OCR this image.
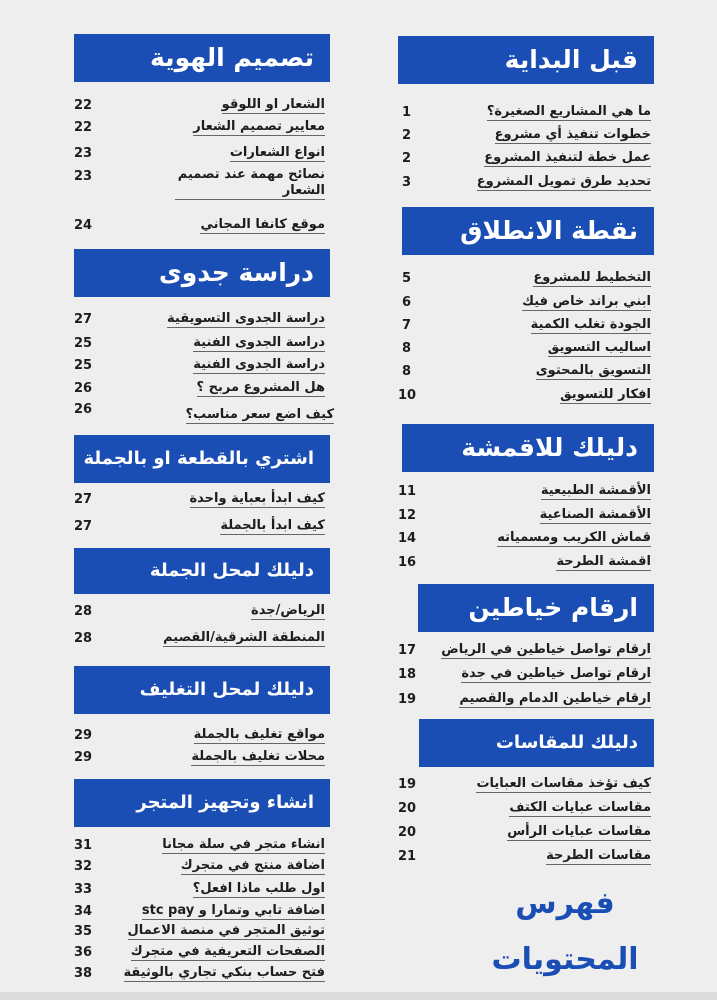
قبل البداية
ما هي المشاريع الصغيرة؟
1
خطوات تنفيذ أي مشروع
2
عمل خطة لتنفيذ المشروع
2
تحديد طرق تمويل المشروع
3
نقطة الانطلاق
التخطيط للمشروع
5
ابني براند خاص فيك
6
الجودة تغلب الكمية
7
اساليب التسويق
8
التسويق بالمحتوى
8
افكار للتسويق
10
دليلك للاقمشة
الأقمشة الطبيعية
11
الأقمشة الصناعية
12
قماش الكريب ومسمياته
14
اقمشة الطرحة
16
ارقام خياطين
ارقام تواصل خياطين في الرياض
17
ارقام تواصل خياطين في جدة
18
ارقام خياطين الدمام والقصيم
19
دليلك للمقاسات
كيف تؤخذ مقاسات العبايات
19
مقاسات عبايات الكتف
20
مقاسات عبايات الرأس
20
مقاسات الطرحة
21
فهرس
المحتويات
تصميم الهوية
الشعار او اللوقو
22
معايير تصميم الشعار
22
انواع الشعارات
23
نصائح مهمة عند تصميم الشعار
23
موقع كانفا المجاني
24
دراسة جدوى
دراسة الجدوى التسويقية
27
دراسة الجدوى الفنية
25
دراسة الجدوى الفنية
25
هل المشروع مربح ؟
26
كيف اضع سعر مناسب؟
26
اشتري بالقطعة او بالجملة
كيف ابدأ بعباية واحدة
27
كيف ابدأ بالجملة
27
دليلك لمحل الجملة
الرياض/جدة
28
المنطقة الشرقية/القصيم
28
دليلك لمحل التغليف
مواقع تغليف بالجملة
29
محلات تغليف بالجملة
29
انشاء وتجهيز المتجر
انشاء متجر في سلة مجانا
31
اضافة منتج في متجرك
32
اول طلب ماذا افعل؟
33
اضافة تابي وتمارا و stc pay
34
توثيق المتجر في منصة الاعمال
35
الصفحات التعريفية في متجرك
36
فتح حساب بنكي تجاري بالوثيقة
38
